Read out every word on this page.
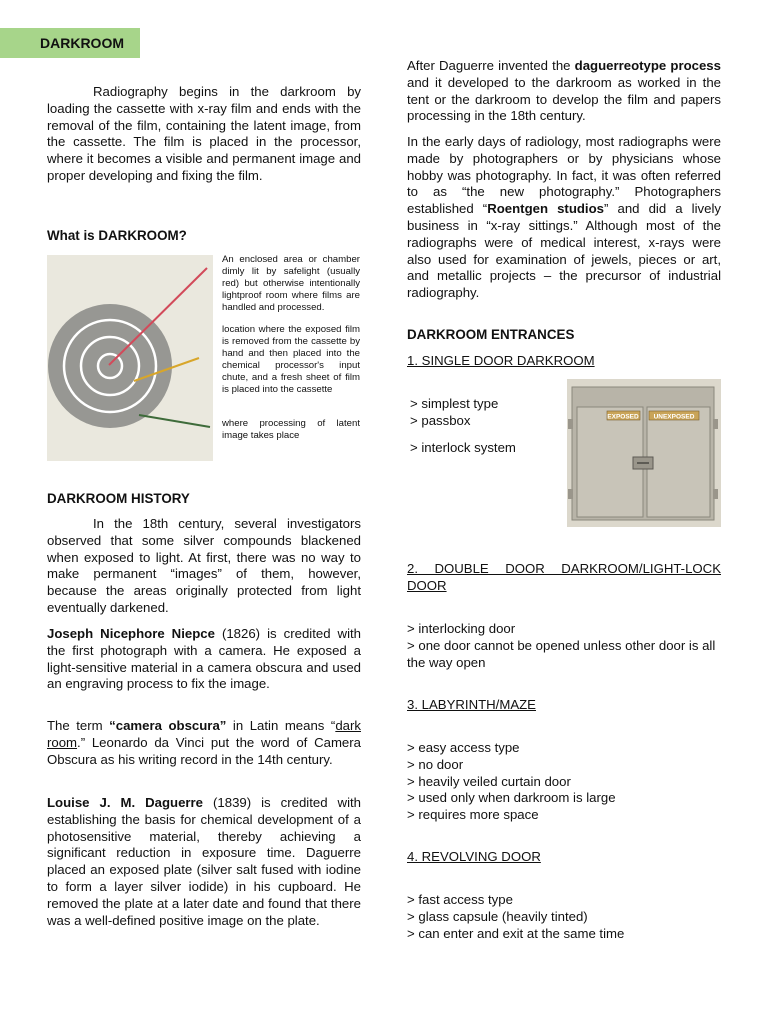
DARKROOM

Radiography begins in the darkroom by loading the cassette with x-ray film and ends with the removal of the film, containing the latent image, from the cassette. The film is placed in the processor, where it becomes a visible and permanent image and proper developing and fixing the film.

What is DARKROOM?

An enclosed area or chamber dimly lit by safelight (usually red) but otherwise intentionally lightproof room where films are handled and processed.

location where the exposed film is removed from the cassette by hand and then placed into the chemical processor's input chute, and a fresh sheet of film is placed into the cassette

where processing of latent image takes place

DARKROOM HISTORY

In the 18th century, several investigators observed that some silver compounds blackened when exposed to light. At first, there was no way to make permanent “images” of them, however, because the areas originally protected from light eventually darkened.

Joseph Nicephore Niepce (1826) is credited with the first photograph with a camera. He exposed a light-sensitive material in a camera obscura and used an engraving process to fix the image.

The term “camera obscura” in Latin means “dark room.” Leonardo da Vinci put the word of Camera Obscura as his writing record in the 14th century.

Louise J. M. Daguerre (1839) is credited with establishing the basis for chemical development of a photosensitive material, thereby achieving a significant reduction in exposure time. Daguerre placed an exposed plate (silver salt fused with iodine to form a layer silver iodide) in his cupboard. He removed the plate at a later date and found that there was a well-defined positive image on the plate.

After Daguerre invented the daguerreotype process and it developed to the darkroom as worked in the tent or the darkroom to develop the film and papers processing in the 18th century.

In the early days of radiology, most radiographs were made by photographers or by physicians whose hobby was photography. In fact, it was often referred to as “the new photography.” Photographers established “Roentgen studios” and did a lively business in “x-ray sittings.” Although most of the radiographs were of medical interest, x-rays were also used for examination of jewels, pieces or art, and metallic projects – the precursor of industrial radiography.

DARKROOM ENTRANCES

1. SINGLE DOOR DARKROOM

> simplest type
> passbox
> interlock system
EXPOSED UNEXPOSED

2. DOUBLE DOOR DARKROOM/LIGHT-LOCK DOOR

> interlocking door
> one door cannot be opened unless other door is all the way open

3. LABYRINTH/MAZE

> easy access type
> no door
> heavily veiled curtain door
> used only when darkroom is large
> requires more space

4. REVOLVING DOOR

> fast access type
> glass capsule (heavily tinted)
> can enter and exit at the same time
